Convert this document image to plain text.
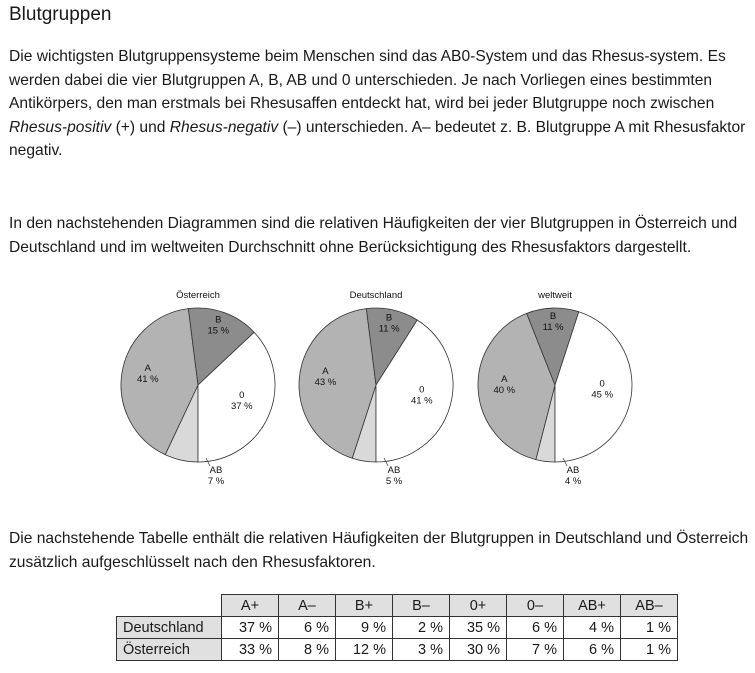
Blutgruppen

Die wichtigsten Blutgruppensysteme beim Menschen sind das AB0-System und das Rhesus-system. Es werden dabei die vier Blutgruppen A, B, AB und 0 unterschieden. Je nach Vorliegen eines bestimmten Antikörpers, den man erstmals bei Rhesusaffen entdeckt hat, wird bei jeder Blutgruppe noch zwischen Rhesus-positiv (+) und Rhesus-negativ (–) unterschieden. A– bedeutet z. B. Blutgruppe A mit Rhesusfaktor negativ.

In den nachstehenden Diagrammen sind die relativen Häufigkeiten der vier Blutgruppen in Österreich und Deutschland und im weltweiten Durchschnitt ohne Berücksichtigung des Rhesusfaktors dargestellt.

Österreich
AB
7 %
A
41 %
B
15 %
0
37 %
Deutschland
AB
5 %
A
43 %
B
11 %
0
41 %
weltweit
AB
4 %
A
40 %
B
11 %
0
45 %

Die nachstehende Tabelle enthält die relativen Häufigkeiten der Blutgruppen in Deutschland und Österreich zusätzlich aufgeschlüsselt nach den Rhesusfaktoren.

	A+	A–	B+	B–	0+	0–	AB+	AB–
Deutschland	37 %	6 %	9 %	2 %	35 %	6 %	4 %	1 %
Österreich	33 %	8 %	12 %	3 %	30 %	7 %	6 %	1 %
